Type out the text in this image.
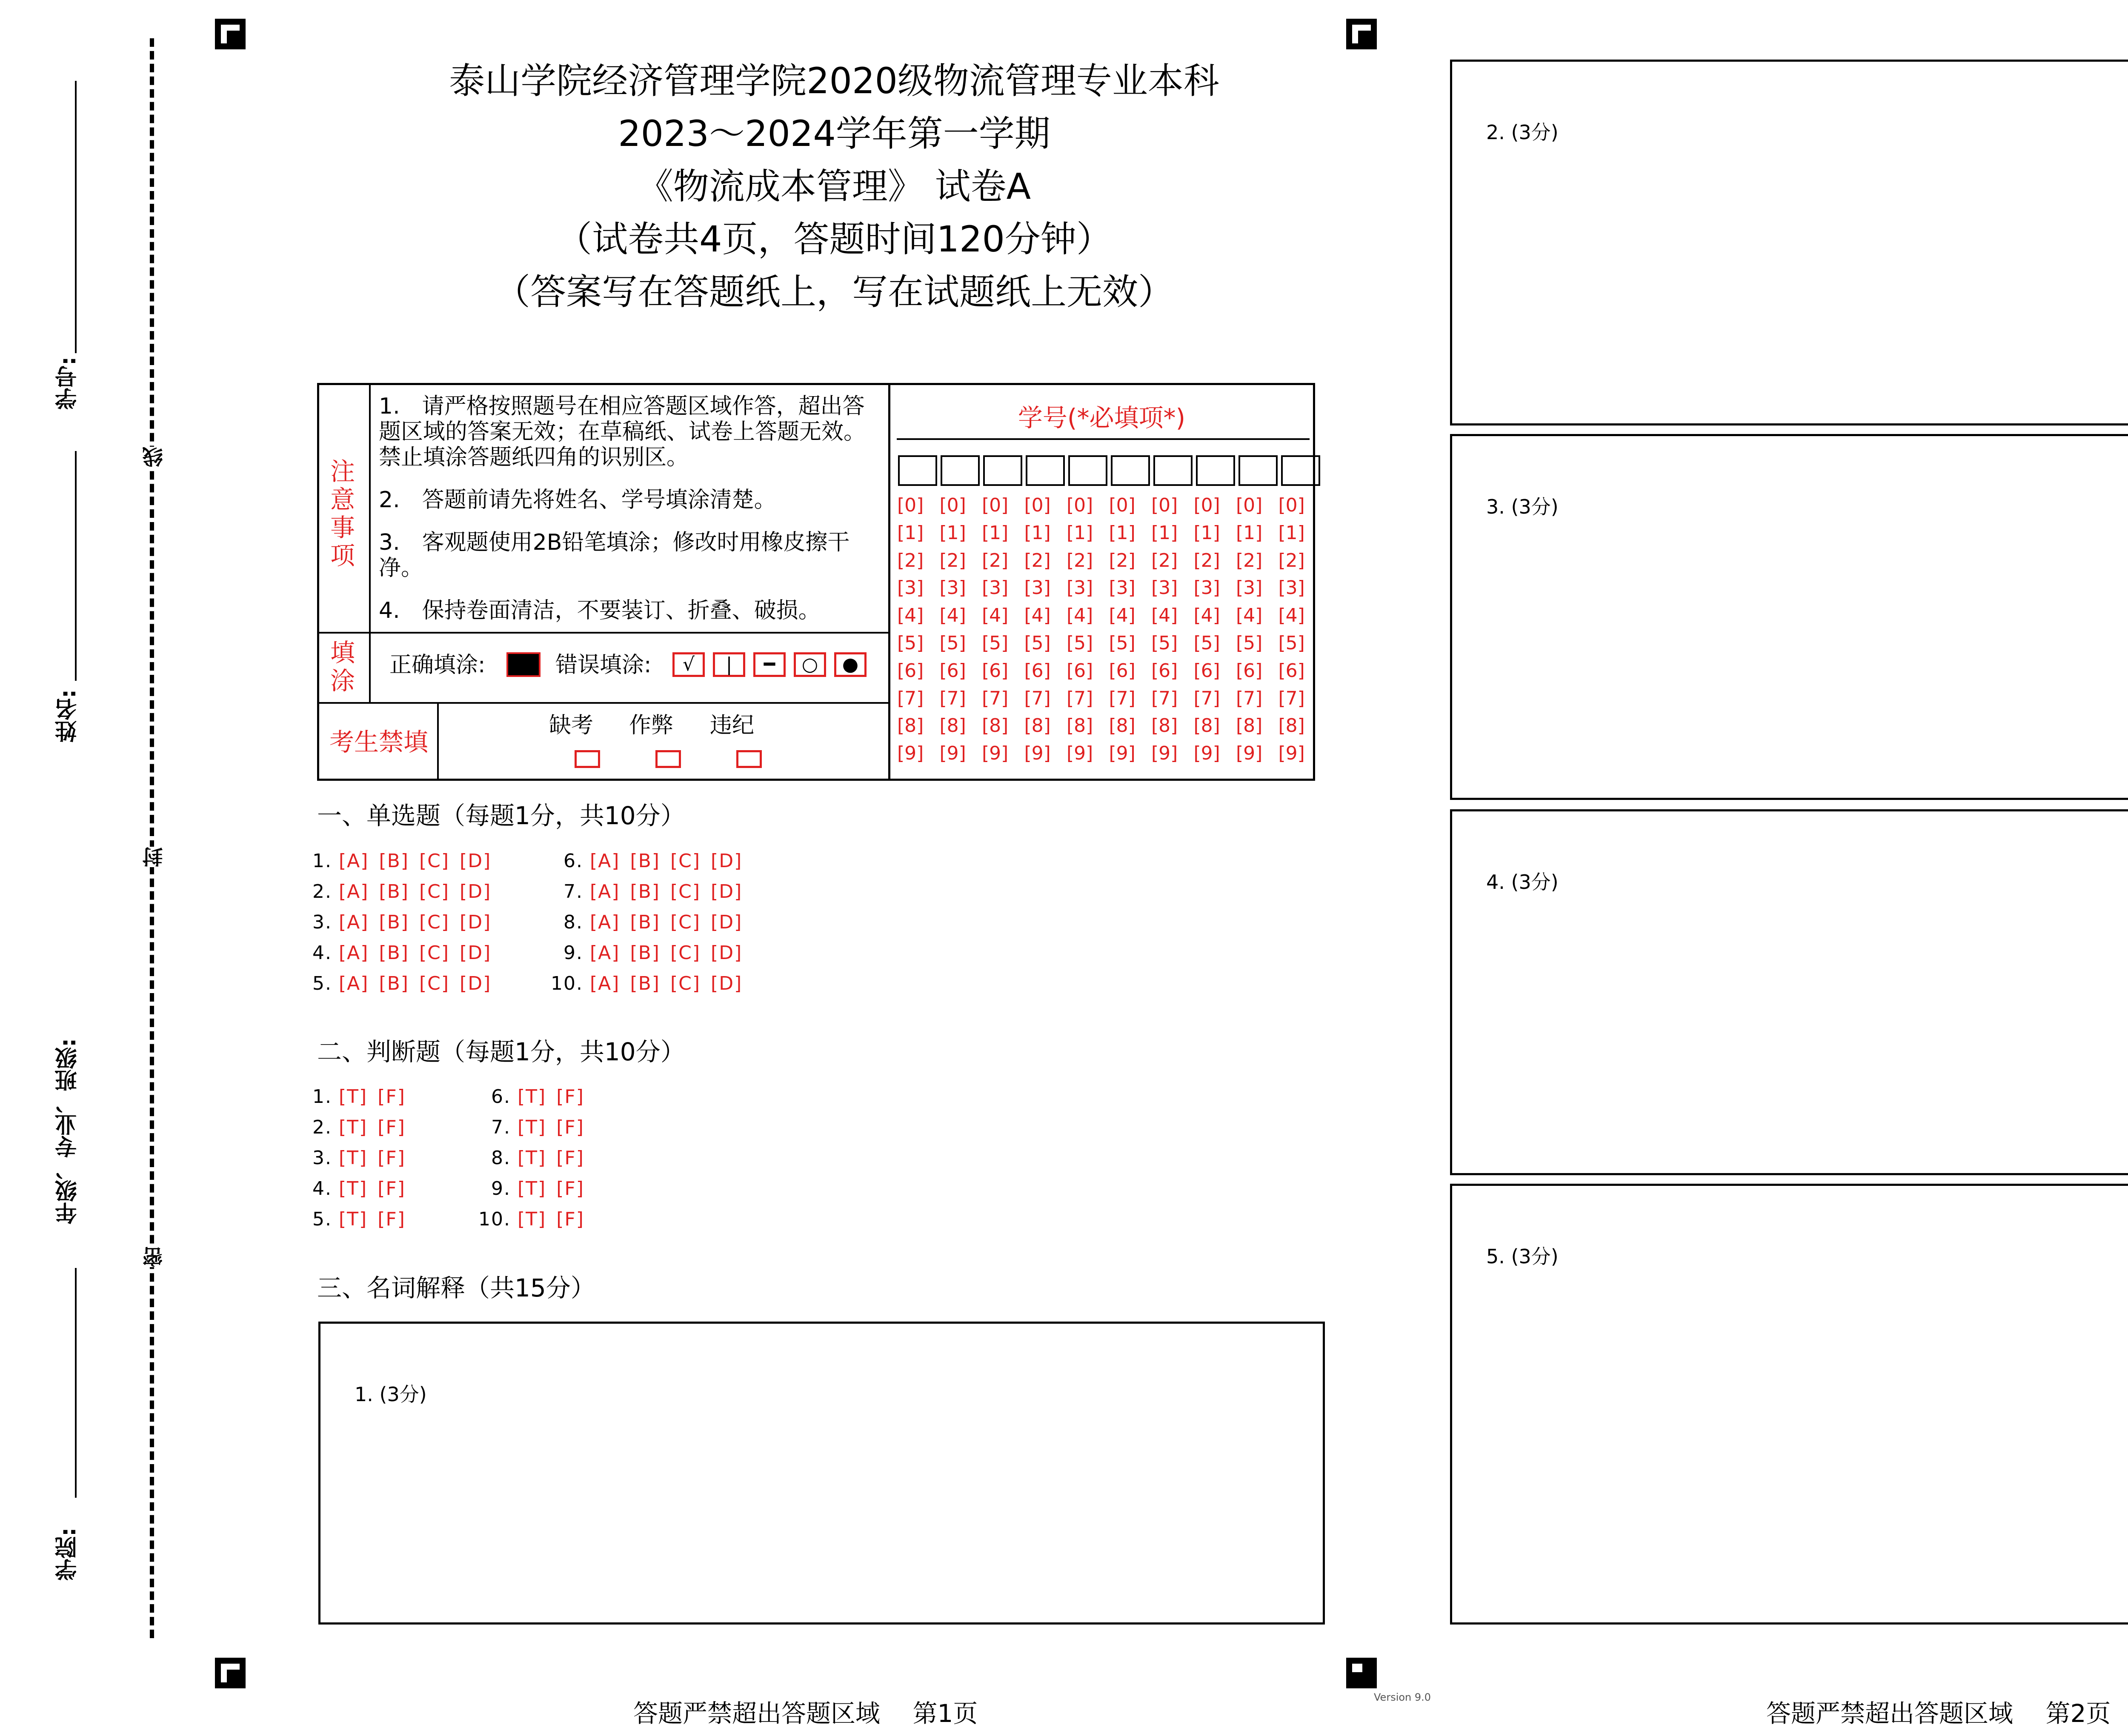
学号:
姓名:
年级、专业、班级:
学院:
线
封
密
泰山学院经济管理学院2020级物流管理专业本科
2023～2024学年第一学期
《物流成本管理》 试卷A
（试卷共4页，答题时间120分钟）
（答案写在答题纸上，写在试题纸上无效）
注意事项
1.　请严格按照题号在相应答题区域作答，超出答题区域的答案无效；在草稿纸、试卷上答题无效。禁止填涂答题纸四角的识别区。
2.　答题前请先将姓名、学号填涂清楚。
3.　客观题使用2B铅笔填涂；修改时用橡皮擦干净。
4.　保持卷面清洁，不要装订、折叠、破损。
填涂
正确填涂:	错误填涂:	√	|	━	○	●
考生禁填
缺考 作弊 违纪
学号(*必填项*)
[0] [0] [0] [0] [0] [0] [0] [0] [0] [0]
[1] [1] [1] [1] [1] [1] [1] [1] [1] [1]
[2] [2] [2] [2] [2] [2] [2] [2] [2] [2]
[3] [3] [3] [3] [3] [3] [3] [3] [3] [3]
[4] [4] [4] [4] [4] [4] [4] [4] [4] [4]
[5] [5] [5] [5] [5] [5] [5] [5] [5] [5]
[6] [6] [6] [6] [6] [6] [6] [6] [6] [6]
[7] [7] [7] [7] [7] [7] [7] [7] [7] [7]
[8] [8] [8] [8] [8] [8] [8] [8] [8] [8]
[9] [9] [9] [9] [9] [9] [9] [9] [9] [9]
一、单选题（每题1分，共10分）
1. [A] [B] [C] [D]
2. [A] [B] [C] [D]
3. [A] [B] [C] [D]
4. [A] [B] [C] [D]
5. [A] [B] [C] [D]
6. [A] [B] [C] [D]
7. [A] [B] [C] [D]
8. [A] [B] [C] [D]
9. [A] [B] [C] [D]
10. [A] [B] [C] [D]
二、判断题（每题1分，共10分）
1. [T] [F]
2. [T] [F]
3. [T] [F]
4. [T] [F]
5. [T] [F]
6. [T] [F]
7. [T] [F]
8. [T] [F]
9. [T] [F]
10. [T] [F]
三、名词解释（共15分）
1. (3分)
2. (3分)
3. (3分)
4. (3分)
5. (3分)
答题严禁超出答题区域　 第1页
Version 9.0
答题严禁超出答题区域　 第2页
